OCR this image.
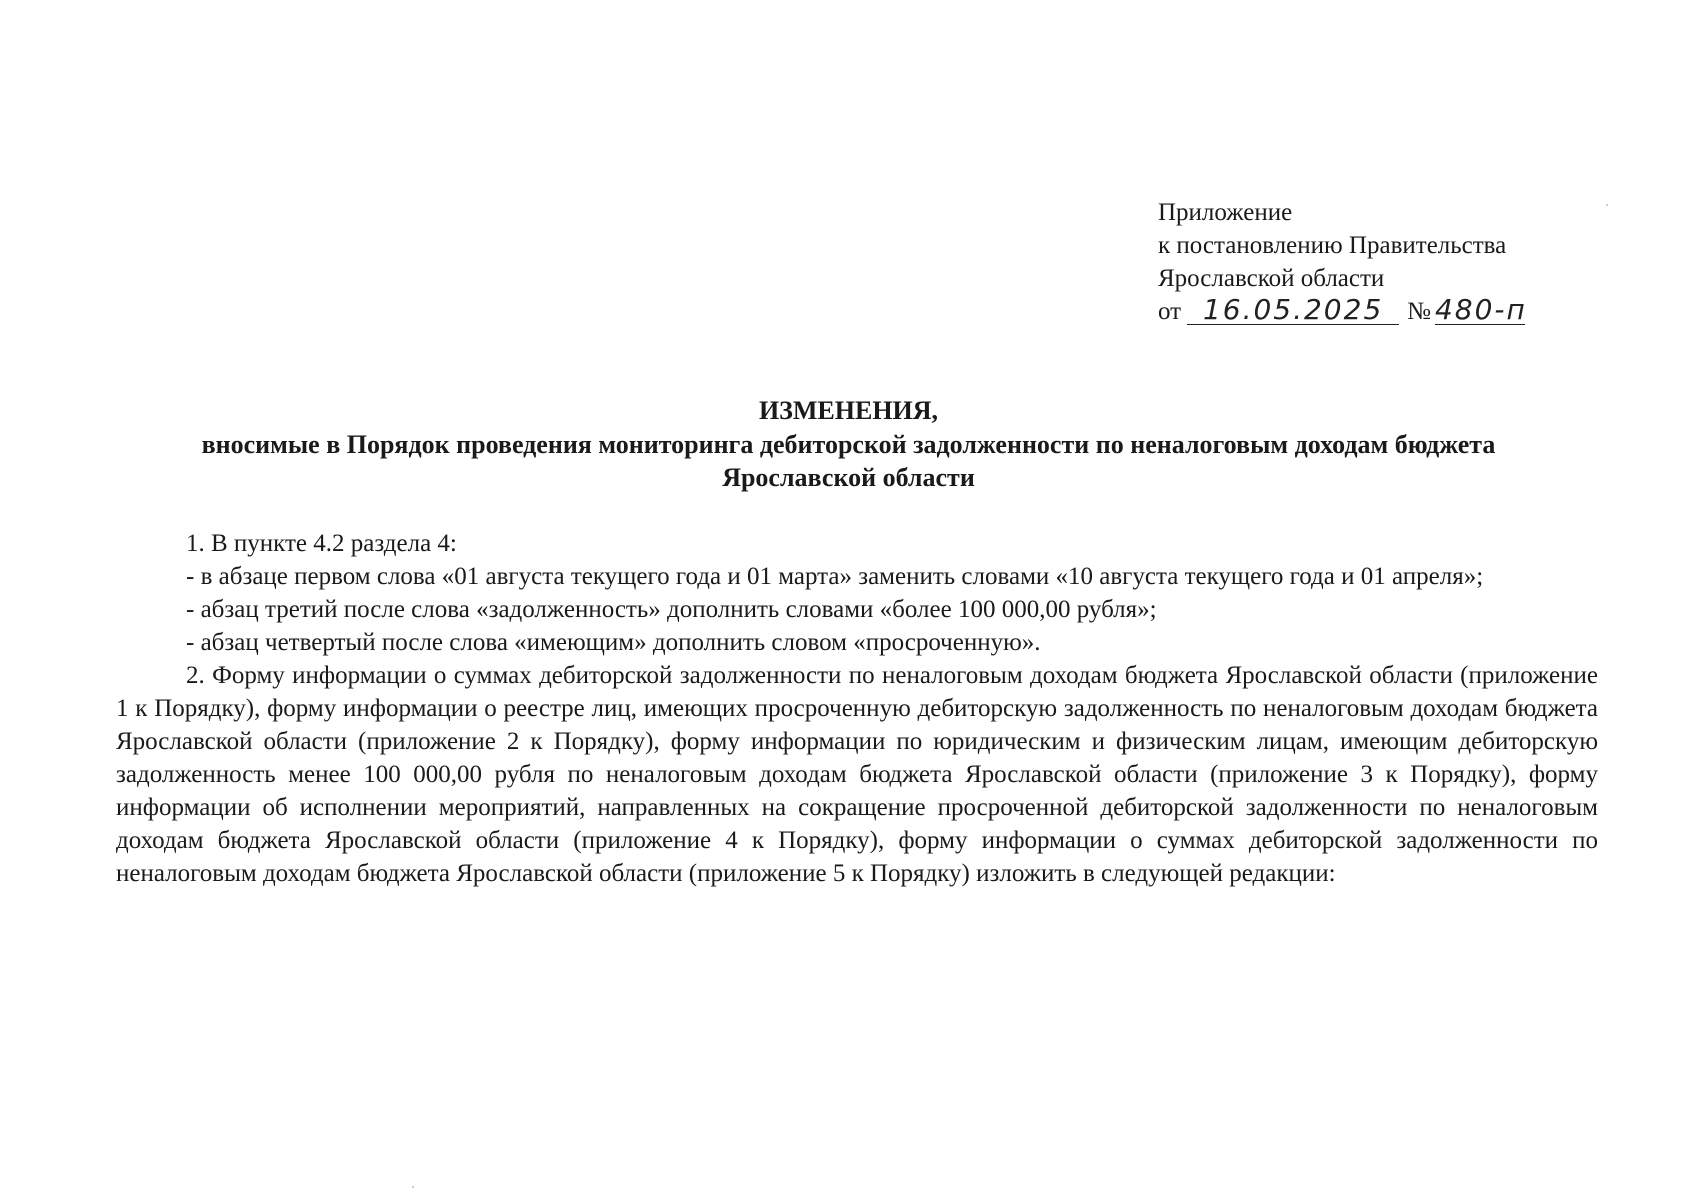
Приложение
к постановлению Правительства
Ярославской области
от 16.05.2025 № 480-п
ИЗМЕНЕНИЯ,
вносимые в Порядок проведения мониторинга дебиторской задолженности по неналоговым доходам бюджета
Ярославской области

1. В пункте 4.2 раздела 4:

- в абзаце первом слова «01 августа текущего года и 01 марта» заменить словами «10 августа текущего года и 01 апреля»;

- абзац третий после слова «задолженность» дополнить словами «более 100 000,00 рубля»;

- абзац четвертый после слова «имеющим» дополнить словом «просроченную».

2. Форму информации о суммах дебиторской задолженности по неналоговым доходам бюджета Ярославской области (приложение 1 к Порядку), форму информации о реестре лиц, имеющих просроченную дебиторскую задолженность по неналоговым доходам бюджета Ярославской области (приложение 2 к Порядку), форму информации по юридическим и физическим лицам, имеющим дебиторскую задолженность менее 100 000,00 рубля по неналоговым доходам бюджета Ярославской области (приложение 3 к Порядку), форму информации об исполнении мероприятий, направленных на сокращение просроченной дебиторской задолженности по неналоговым доходам бюджета Ярославской области (приложение 4 к Порядку), форму информации о суммах дебиторской задолженности по неналоговым доходам бюджета Ярославской области (приложение 5 к Порядку) изложить в следующей редакции:
